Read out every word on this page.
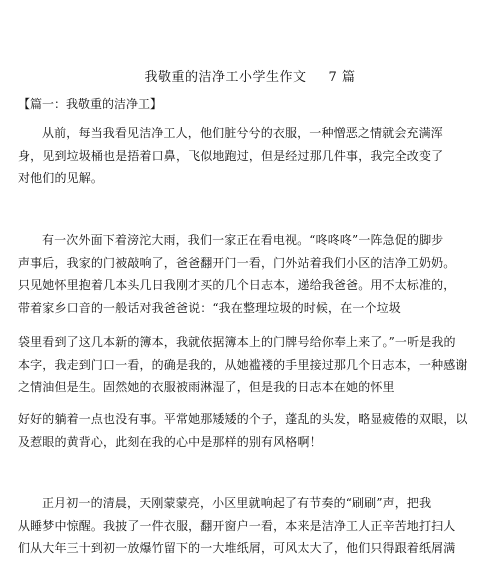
我敬重的洁净工小学生作文 7 篇
【篇一：我敬重的洁净工】
从前，每当我看见洁净工人，他们脏兮兮的衣服，一种憎恶之情就会充满浑
身，见到垃圾桶也是捂着口鼻，飞似地跑过，但是经过那几件事，我完全改变了
对他们的见解。
有一次外面下着滂沱大雨，我们一家正在看电视。“咚咚咚”一阵急促的脚步
声事后，我家的门被敲响了，爸爸翻开门一看，门外站着我们小区的洁净工奶奶。
只见她怀里抱着几本头几日我刚才买的几个日志本，递给我爸爸。用不太标准的，
带着家乡口音的一般话对我爸爸说：“我在整理垃圾的时候，在一个垃圾
袋里看到了这几本新的簿本，我就依据簿本上的门牌号给你奉上来了。”一听是我的
本字，我走到门口一看，的确是我的，从她褴褛的手里接过那几个日志本，一种感谢
之情油但是生。固然她的衣服被雨淋湿了，但是我的日志本在她的怀里
好好的躺着一点也没有事。平常她那矮矮的个子，蓬乱的头发，略显疲倦的双眼，以
及惹眼的黄背心，此刻在我的心中是那样的别有风格啊！
正月初一的清晨，天刚蒙蒙亮，小区里就响起了有节奏的“刷刷”声，把我
从睡梦中惊醒。我披了一件衣服，翻开窗户一看，本来是洁净工人正辛苦地打扫人
们从大年三十到初一放爆竹留下的一大堆纸屑，可风太大了，他们只得跟着纸屑满
